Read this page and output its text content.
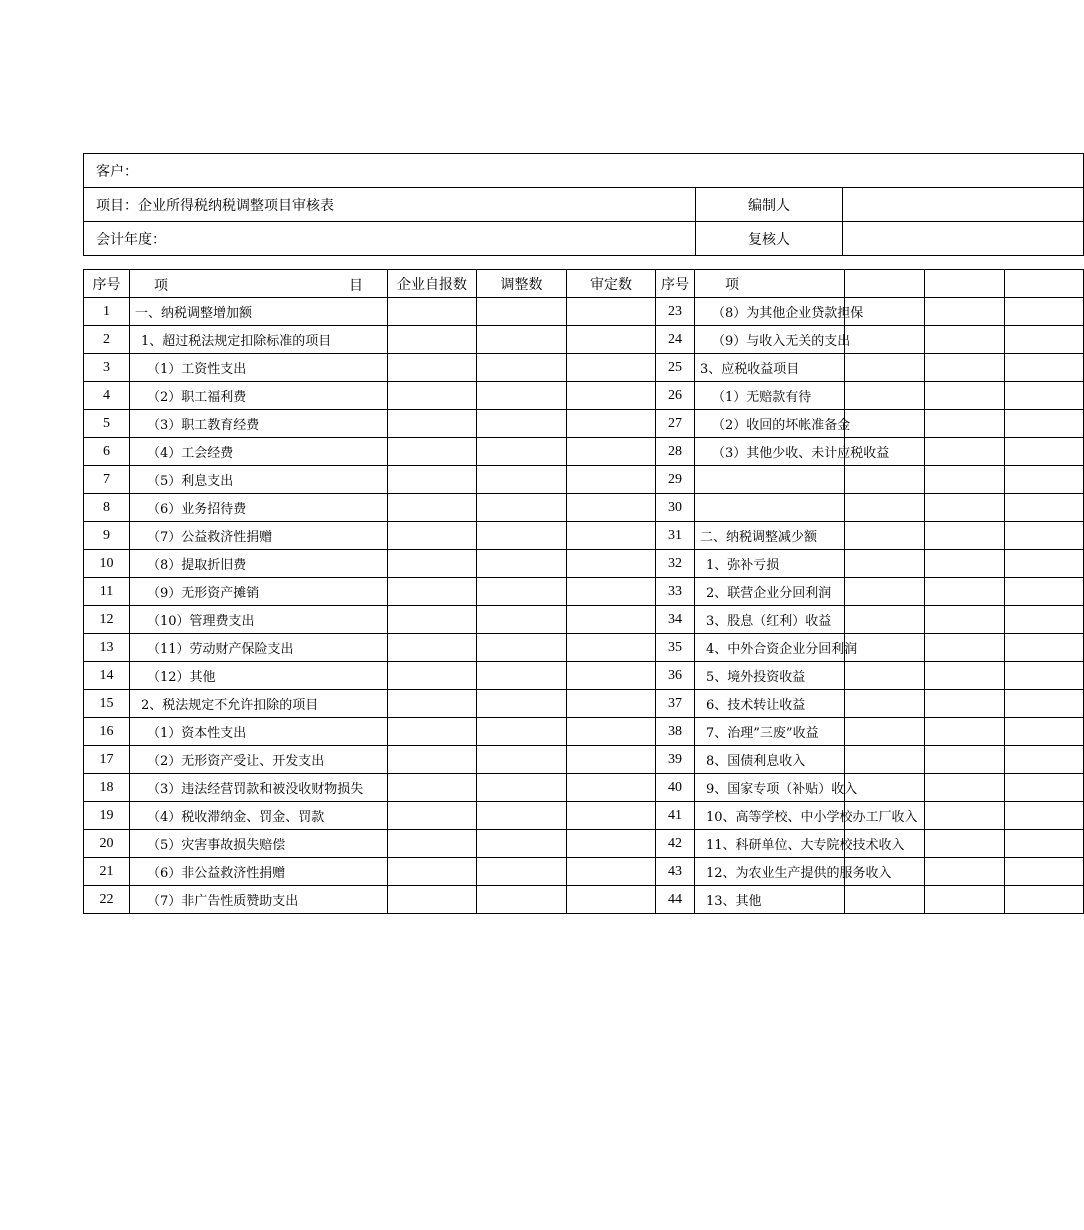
客户：		
项目：企业所得税纳税调整项目审核表	编制人	
会计年度：	复核人	
序号	项 目	企业自报数	调整数	审定数	序号	项			
1	一、纳税调整增加额				23	（8）为其他企业贷款担保			
2	1、超过税法规定扣除标准的项目				24	（9）与收入无关的支出			
3	（1）工资性支出				25	3、应税收益项目			
4	（2）职工福利费				26	（1）无赔款有待			
5	（3）职工教育经费				27	（2）收回的坏帐准备金			
6	（4）工会经费				28	（3）其他少收、未计应税收益			
7	（5）利息支出				29				
8	（6）业务招待费				30				
9	（7）公益救济性捐赠				31	二、纳税调整减少额			
10	（8）提取折旧费				32	1、弥补亏损			
11	（9）无形资产摊销				33	2、联营企业分回利润			
12	（10）管理费支出				34	3、股息（红利）收益			
13	（11）劳动财产保险支出				35	4、中外合资企业分回利润			
14	（12）其他				36	5、境外投资收益			
15	2、税法规定不允许扣除的项目				37	6、技术转让收益			
16	（1）资本性支出				38	7、治理”三废”收益			
17	（2）无形资产受让、开发支出				39	8、国债利息收入			
18	（3）违法经营罚款和被没收财物损失				40	9、国家专项（补贴）收入			
19	（4）税收滞纳金、罚金、罚款				41	10、高等学校、中小学校办工厂收入			
20	（5）灾害事故损失赔偿				42	11、科研单位、大专院校技术收入			
21	（6）非公益救济性捐赠				43	12、为农业生产提供的服务收入			
22	（7）非广告性质赞助支出				44	13、其他			
